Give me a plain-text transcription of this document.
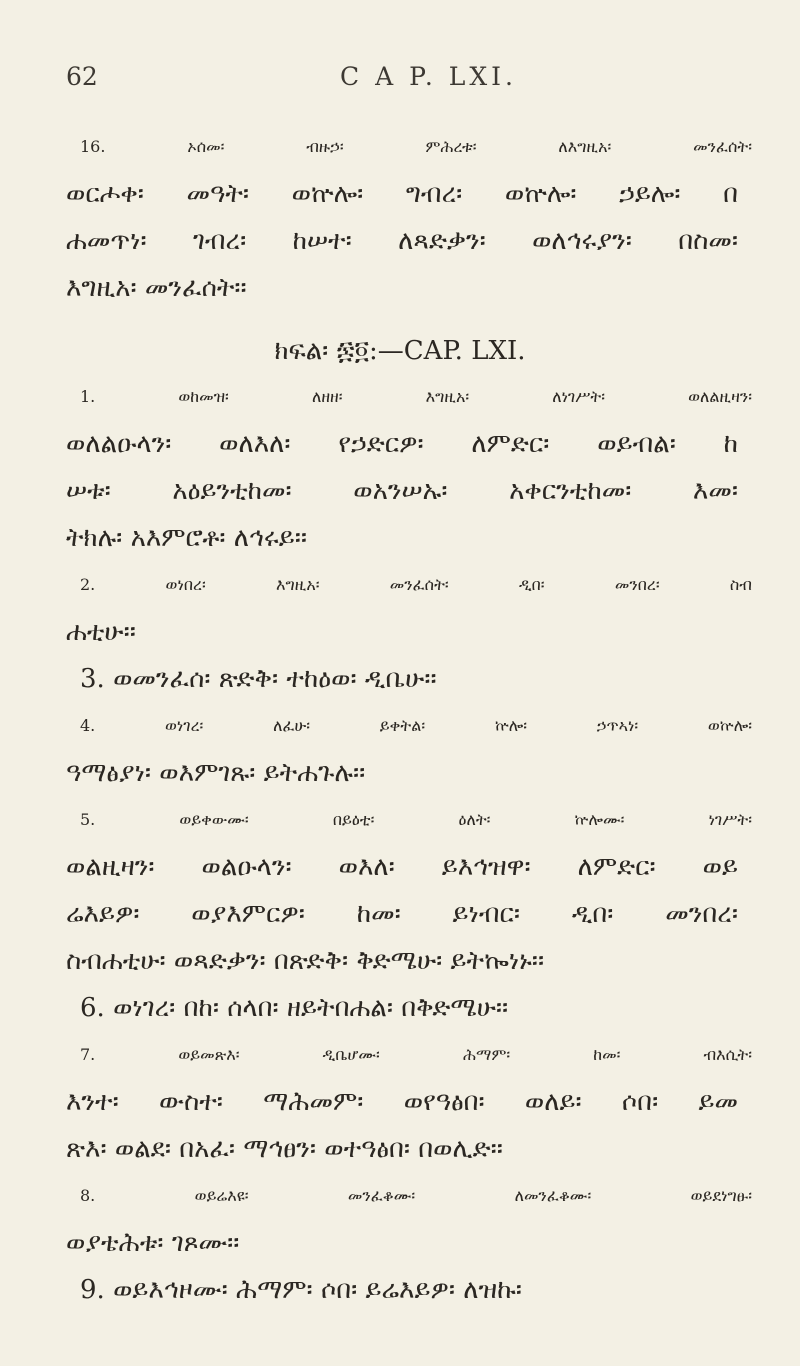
62	C A P. LXI.
16. ኦሰመ፡ ብዙኃ፡ ምሕረቱ፡ ለእግዚአ፡ መንፈሰት፡
ወርሖቀ፡ መዓት፡ ወኵሎ፡ ግብረ፡ ወኵሎ፡ ኃይሎ፡ በ
ሐመጥነ፡ ገብረ፡ ከሠተ፡ ለጻድቃን፡ ወለኅሩያን፡ በስመ፡
እግዚአ፡ መንፈሰት፡፡
ክፍል፡ ፷፬:—CAP. LXI.
1. ወከመዝ፡ ለዘዘ፡ እግዚአ፡ ለነገሥት፡ ወለልዚዛን፡
ወለልዑላን፡ ወለእለ፡ የኃድርዎ፡ ለምድር፡ ወይብል፡ ከ
ሠቱ፡ አዕይንቲከመ፡ ወአንሠኡ፡ አቀርንቲከመ፡ እመ፡
ትክሉ፡ አእምሮቶ፡ ለኅሩይ፡፡
2. ወነበረ፡ እግዚአ፡ መንፈሰት፡ ዲበ፡ መንበረ፡ ስብ
ሐቲሁ፡፡
3. ወመንፈሰ፡ ጽድቅ፡ ተከዕወ፡ ዲቤሁ፡፡
4. ወነገረ፡ ለፈሁ፡ ይቀትል፡ ኵሎ፡ ኃጥኣነ፡ ወኵሎ፡
ዓማፅያነ፡ ወእምገጹ፡ ይትሐጉሉ፡፡
5. ወይቀውሙ፡ በይዕቲ፡ ዕለት፡ ኵሎሙ፡ ነገሥት፡
ወልዚዛን፡ ወልዑላን፡ ወእለ፡ ይእኅዝዋ፡ ለምድር፡ ወይ
ሬእይዎ፡ ወያእምርዎ፡ ከመ፡ ይነብር፡ ዲበ፡ መንበረ፡
ስብሐቲሁ፡ ወጻድቃን፡ በጽድቅ፡ ቅድሜሁ፡ ይትኰነኑ፡፡
6. ወነገረ፡ በከ፡ ሰላበ፡ ዘይትበሐል፡ በቅድሜሁ፡፡
7. ወይመጽእ፡ ዲቤሆሙ፡ ሕማም፡ ከመ፡ ብእሲት፡
እንተ፡ ውስተ፡ ማሕመም፡ ወየዓፅበ፡ ወለይ፡ ሶበ፡ ይመ
ጽእ፡ ወልደ፡ በአፈ፡ ማኅፀን፡ ወተዓፅበ፡ በወሊድ፡፡
8. ወይሬእዩ፡ መንፈቆሙ፡ ለመንፈቆሙ፡ ወይደነግፁ፡
ወያቴሕቱ፡ ገጾሙ፡፡
9. ወይእኅዞሙ፡ ሕማም፡ ሶበ፡ ይሬእይዎ፡ ለዝኩ፡
